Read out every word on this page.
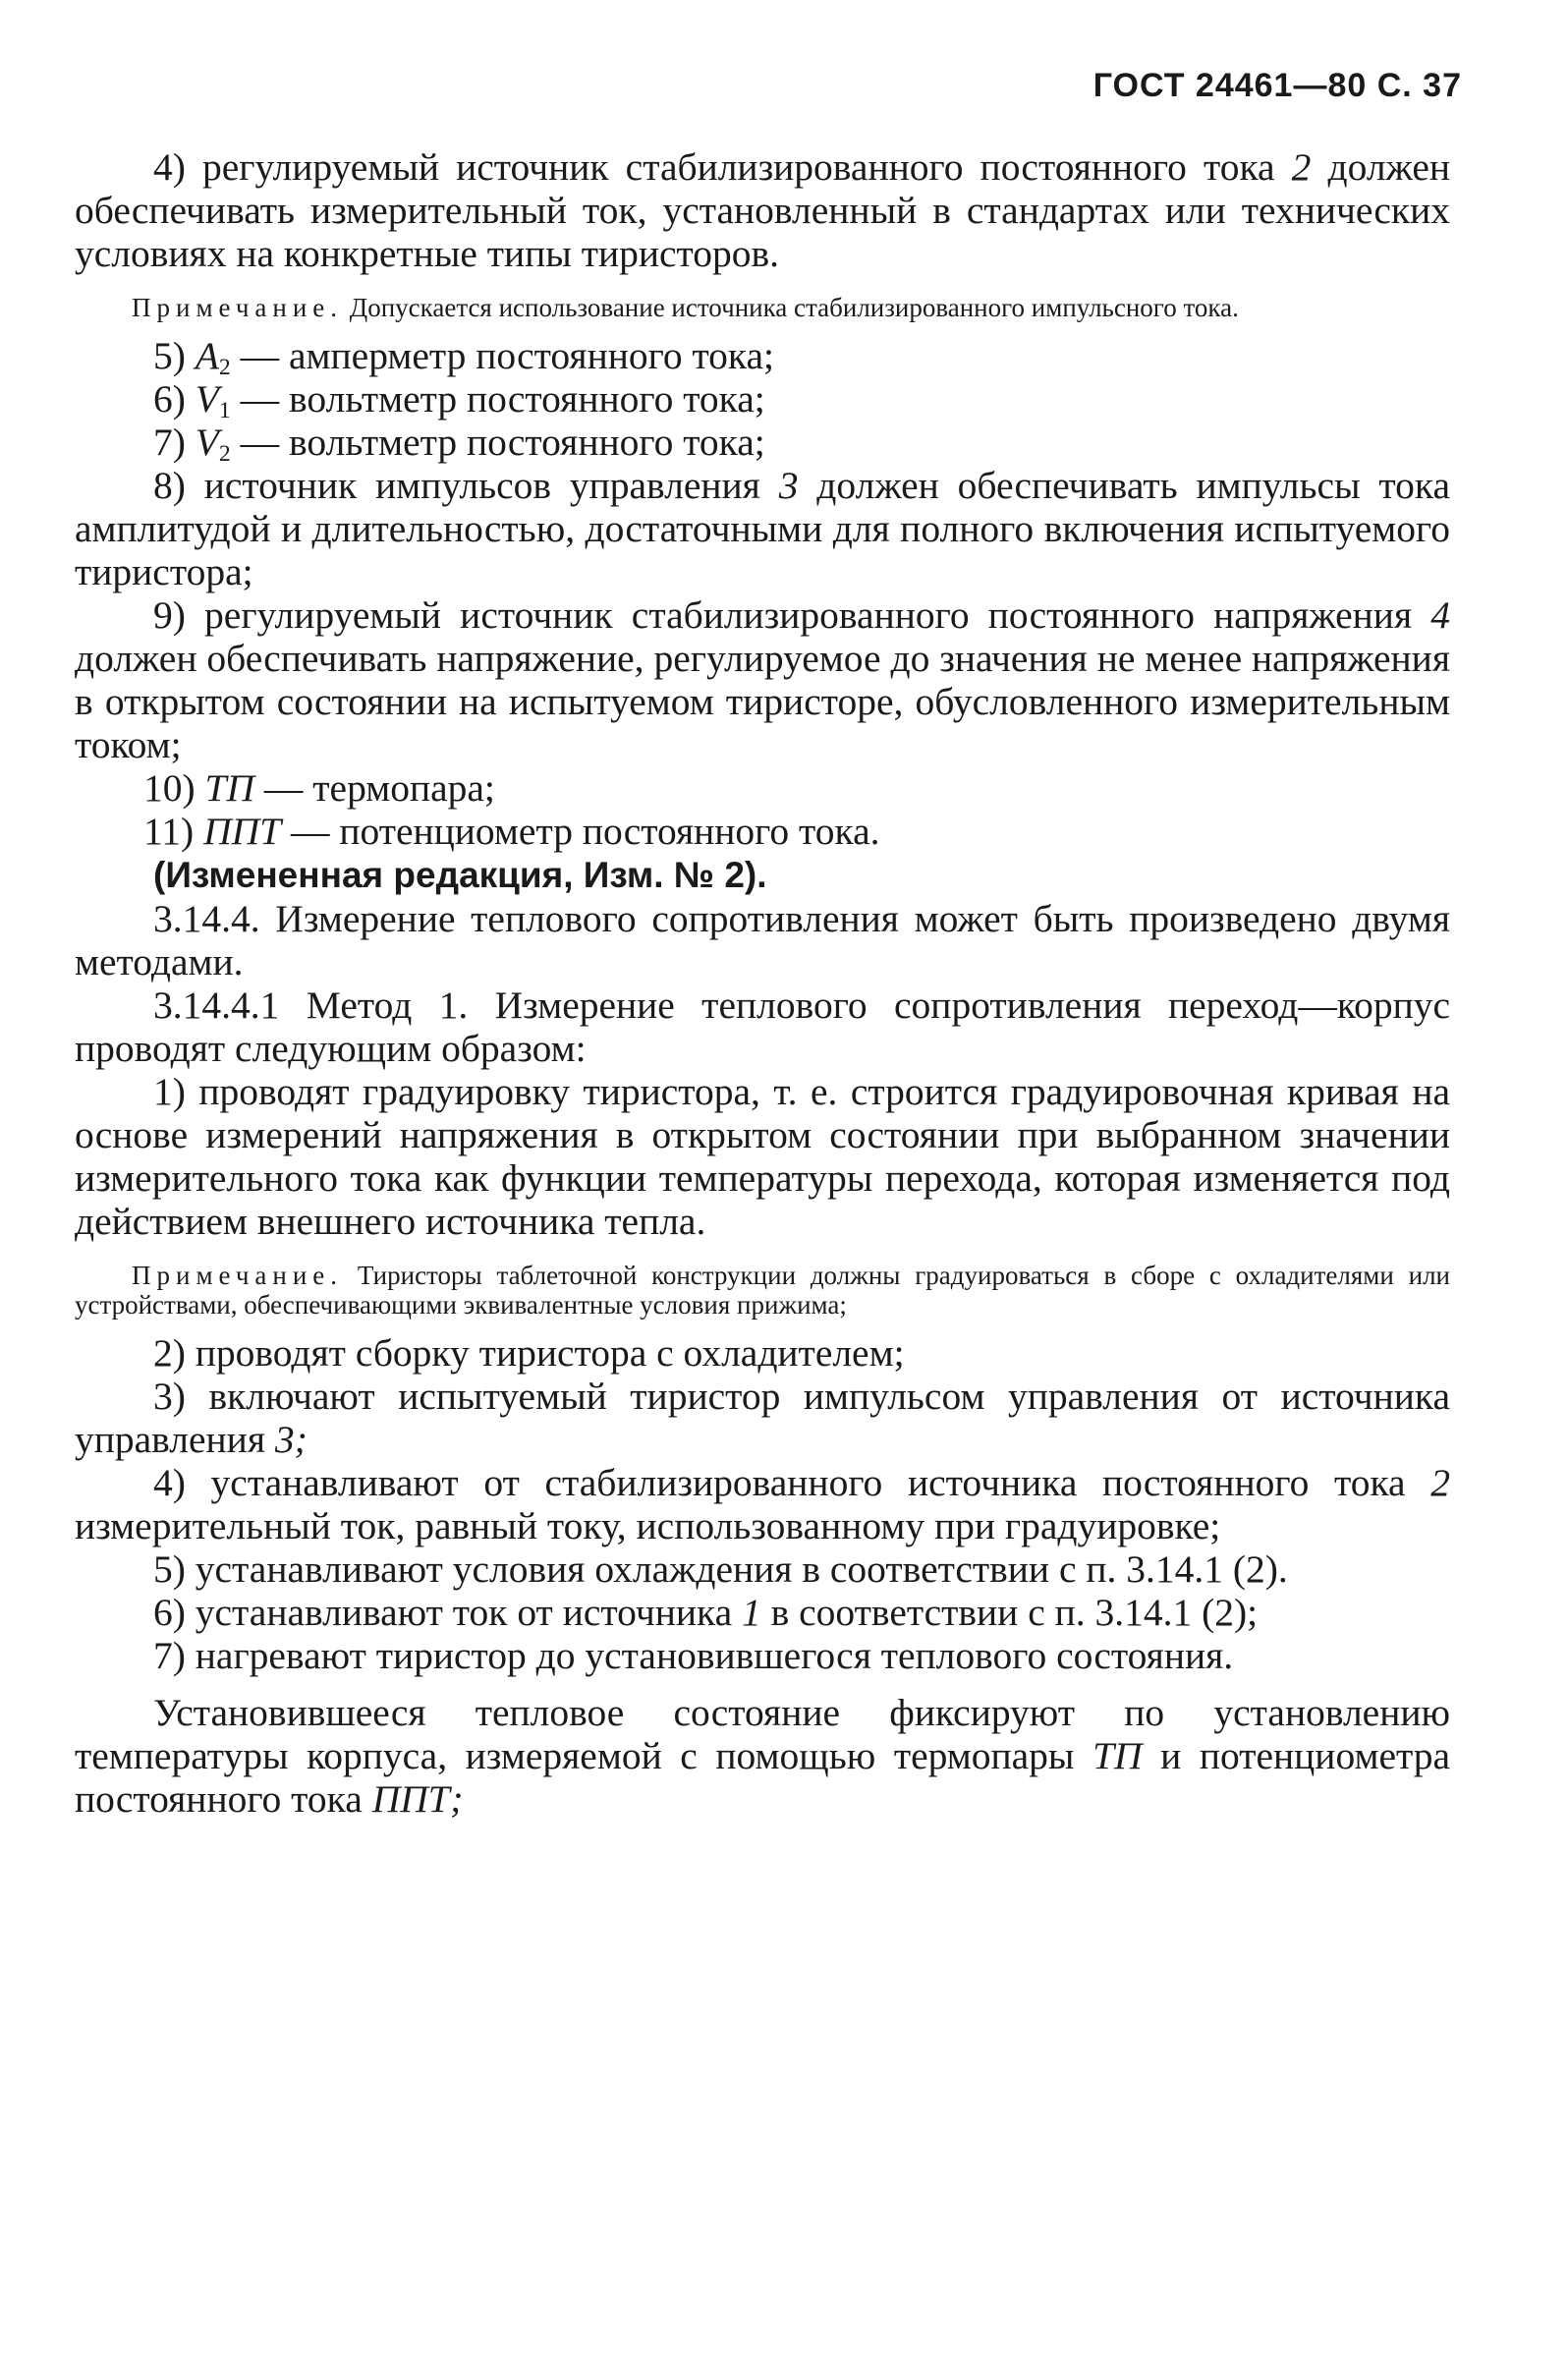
ГОСТ 24461—80 С. 37

4) регулируемый источник стабилизированного постоянного тока 2 должен обеспечивать измерительный ток, установленный в стандартах или технических условиях на конкретные типы тиристоров.

Примечание. Допускается использование источника стабилизированного импульсного тока.

5) $A_2$ — амперметр постоянного тока;

6) $V_1$ — вольтметр постоянного тока;

7) $V_2$ — вольтметр постоянного тока;

8) источник импульсов управления 3 должен обеспечивать импульсы тока амплитудой и длительностью, достаточными для полного включения испытуемого тиристора;

9) регулируемый источник стабилизированного постоянного напряжения 4 должен обеспечивать напряжение, регулируемое до значения не менее напряжения в открытом состоянии на испытуемом тиристоре, обусловленного измерительным током;

10) ТП — термопара;

11) ППТ — потенциометр постоянного тока.

(Измененная редакция, Изм. № 2).

3.14.4. Измерение теплового сопротивления может быть произведено двумя методами.

3.14.4.1 Метод 1. Измерение теплового сопротивления переход—корпус проводят следующим образом:

1) проводят градуировку тиристора, т. е. строится градуировочная кривая на основе измерений напряжения в открытом состоянии при выбранном значении измерительного тока как функции температуры перехода, которая изменяется под действием внешнего источника тепла.

Примечание. Тиристоры таблеточной конструкции должны градуироваться в сборе с охладителями или устройствами, обеспечивающими эквивалентные условия прижима;

2) проводят сборку тиристора с охладителем;

3) включают испытуемый тиристор импульсом управления от источника управления 3;

4) устанавливают от стабилизированного источника постоянного тока 2 измерительный ток, равный току, использованному при градуировке;

5) устанавливают условия охлаждения в соответствии с п. 3.14.1 (2).

6) устанавливают ток от источника 1 в соответствии с п. 3.14.1 (2);

7) нагревают тиристор до установившегося теплового состояния.

Установившееся тепловое состояние фиксируют по установлению температуры корпуса, измеряемой с помощью термопары ТП и потенциометра постоянного тока ППТ;
